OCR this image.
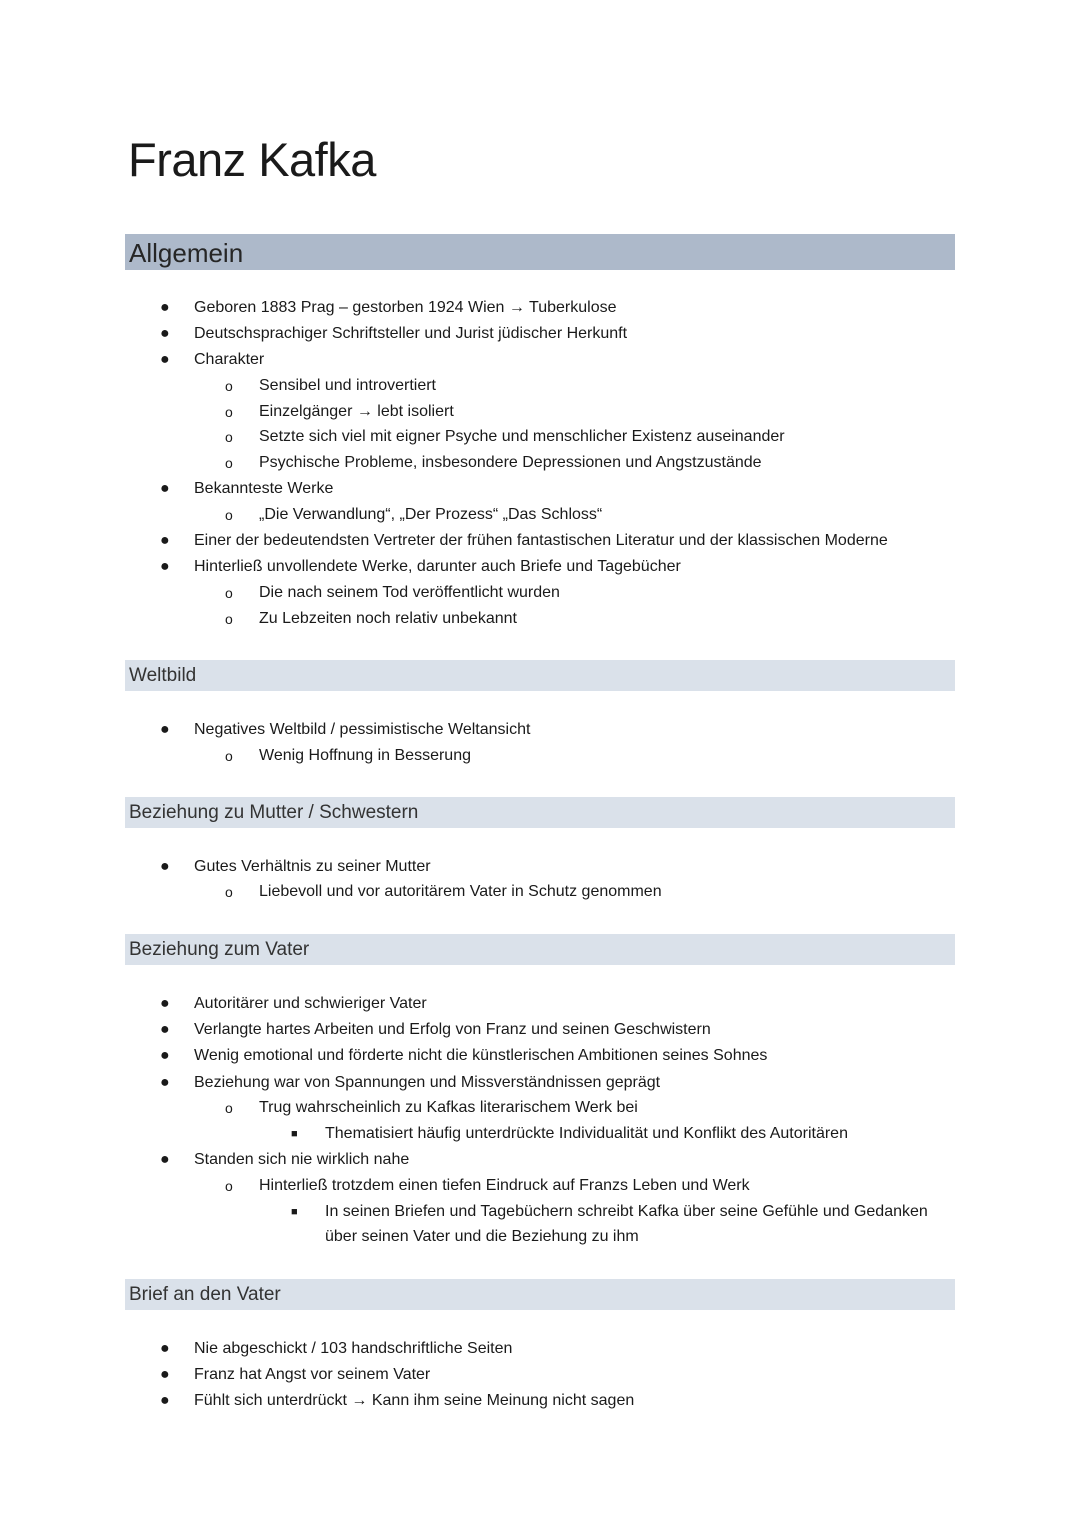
Franz Kafka
Allgemein
● Geboren 1883 Prag – gestorben 1924 Wien → Tuberkulose
● Deutschsprachiger Schriftsteller und Jurist jüdischer Herkunft
● Charakter
o Sensibel und introvertiert
o Einzelgänger → lebt isoliert
o Setzte sich viel mit eigner Psyche und menschlicher Existenz auseinander
o Psychische Probleme, insbesondere Depressionen und Angstzustände
● Bekannteste Werke
o „Die Verwandlung“, „Der Prozess“ „Das Schloss“
● Einer der bedeutendsten Vertreter der frühen fantastischen Literatur und der klassischen Moderne
● Hinterließ unvollendete Werke, darunter auch Briefe und Tagebücher
o Die nach seinem Tod veröffentlicht wurden
o Zu Lebzeiten noch relativ unbekannt
Weltbild
● Negatives Weltbild / pessimistische Weltansicht
o Wenig Hoffnung in Besserung
Beziehung zu Mutter / Schwestern
● Gutes Verhältnis zu seiner Mutter
o Liebevoll und vor autoritärem Vater in Schutz genommen
Beziehung zum Vater
● Autoritärer und schwieriger Vater
● Verlangte hartes Arbeiten und Erfolg von Franz und seinen Geschwistern
● Wenig emotional und förderte nicht die künstlerischen Ambitionen seines Sohnes
● Beziehung war von Spannungen und Missverständnissen geprägt
o Trug wahrscheinlich zu Kafkas literarischem Werk bei
■ Thematisiert häufig unterdrückte Individualität und Konflikt des Autoritären
● Standen sich nie wirklich nahe
o Hinterließ trotzdem einen tiefen Eindruck auf Franzs Leben und Werk
■ In seinen Briefen und Tagebüchern schreibt Kafka über seine Gefühle und Gedanken
über seinen Vater und die Beziehung zu ihm
Brief an den Vater
● Nie abgeschickt / 103 handschriftliche Seiten
● Franz hat Angst vor seinem Vater
● Fühlt sich unterdrückt → Kann ihm seine Meinung nicht sagen
